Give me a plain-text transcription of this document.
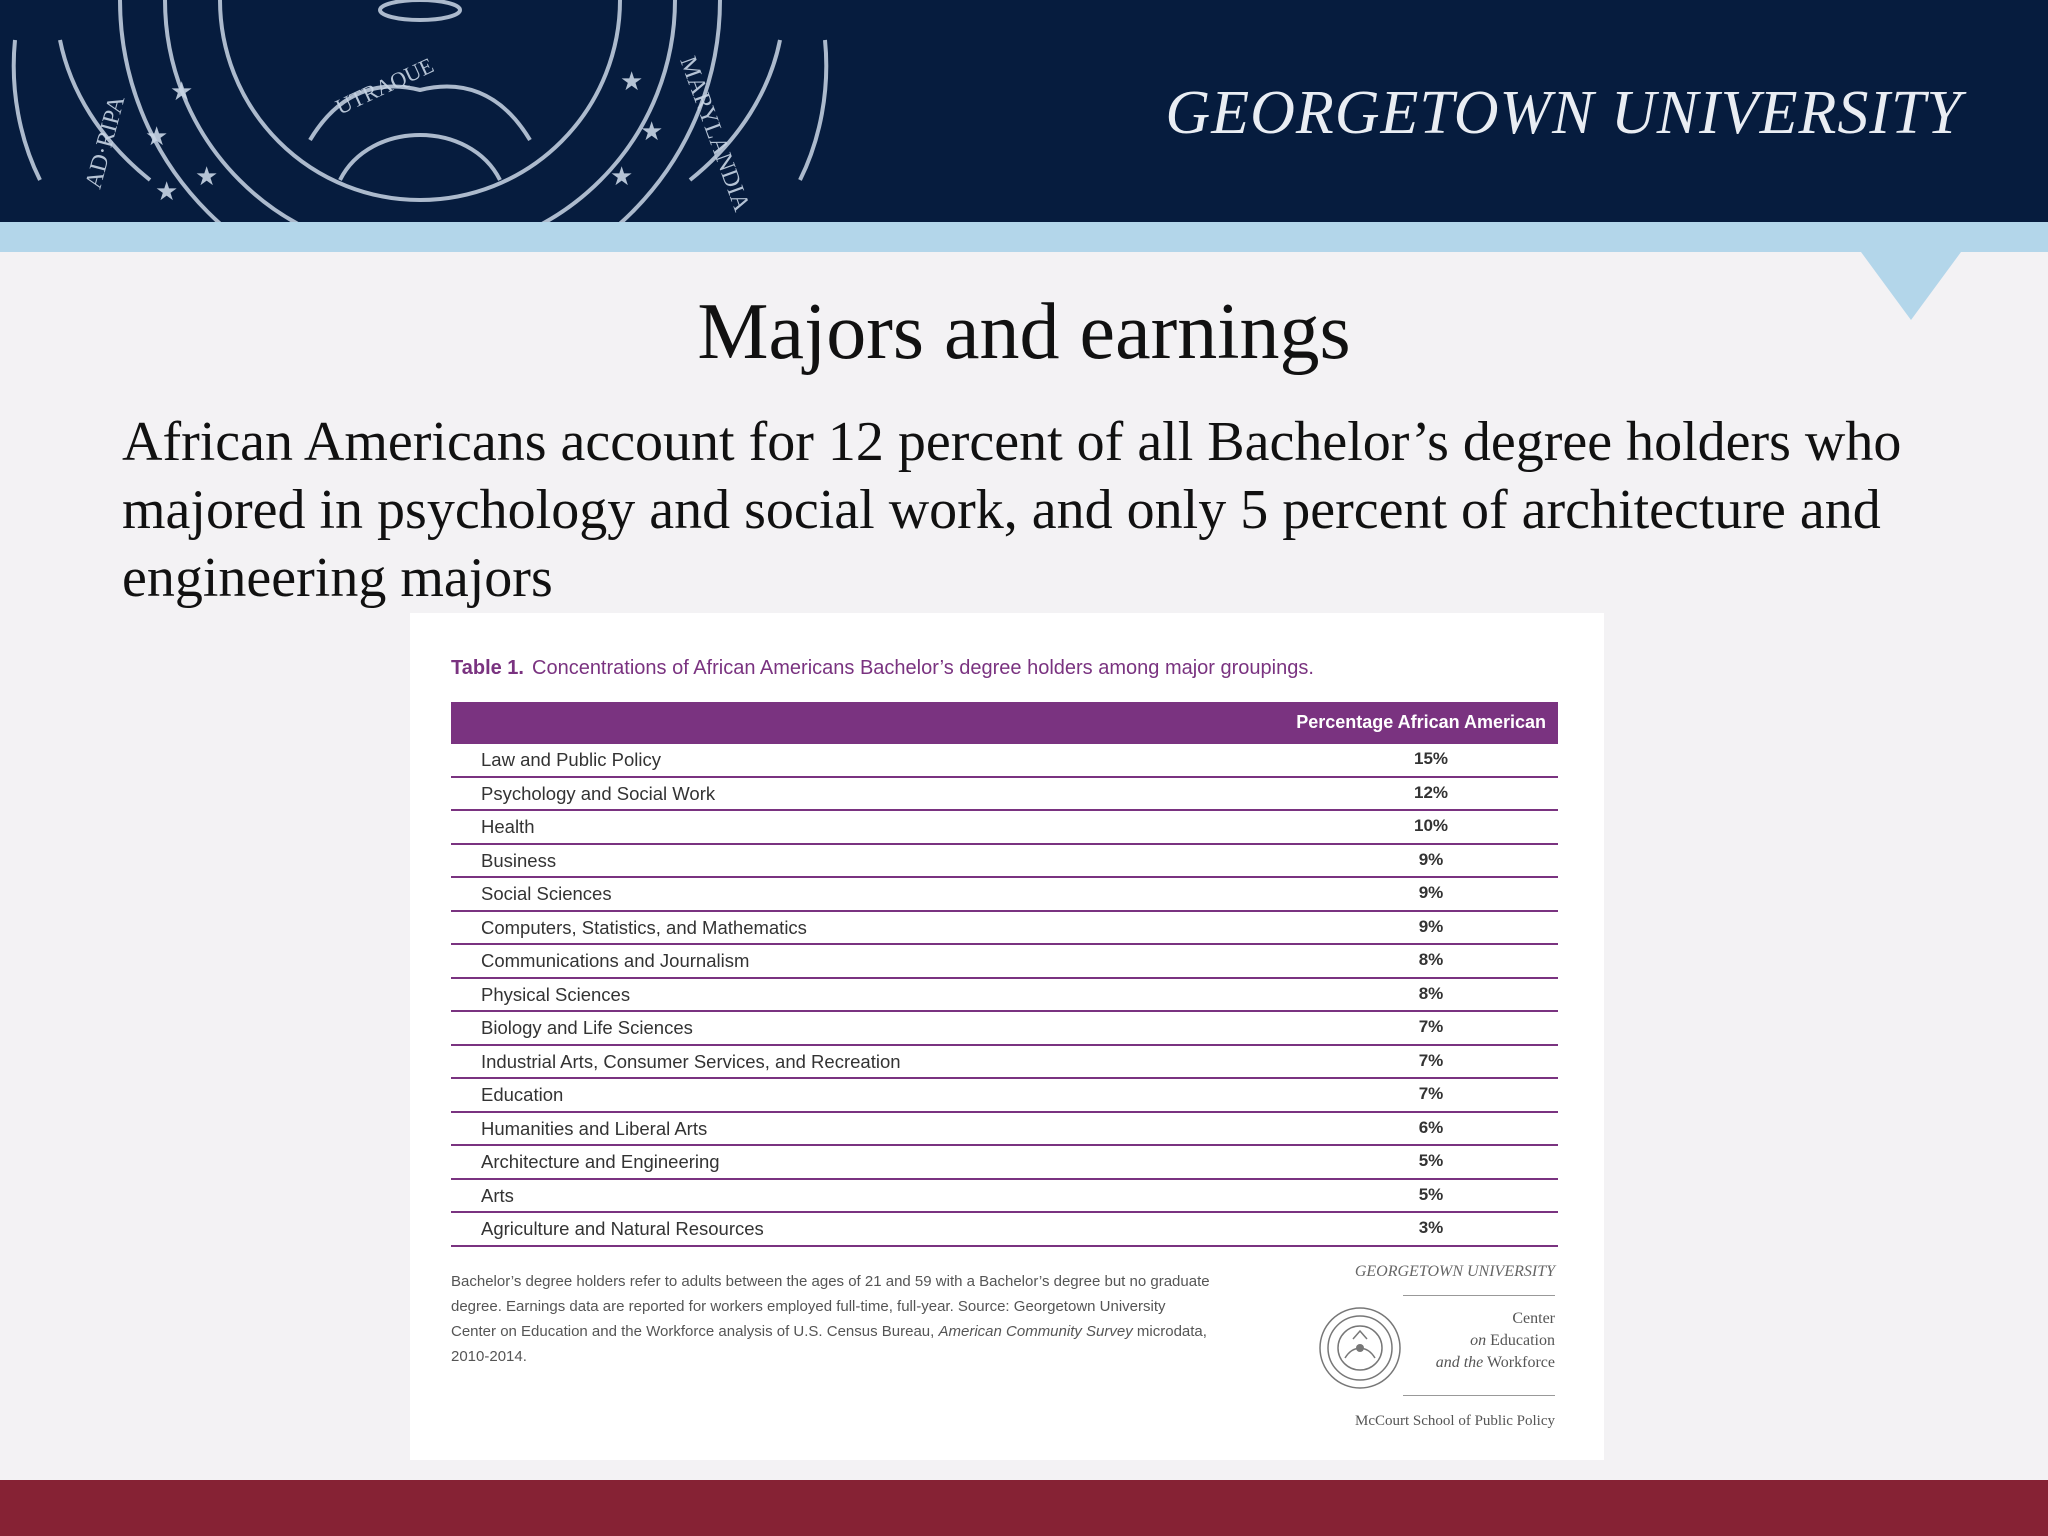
★
★
★
★
★
★
★
AD·RIPA
UTRAQUE	MARYLANDIA	GEORGETOWN UNIVERSITY
Majors and earnings
African Americans account for 12 percent of all Bachelor’s degree holders who majored in psychology and social work, and only 5 percent of architecture and engineering majors
Table 1. Concentrations of African Americans Bachelor’s degree holders among major groupings.
Percentage African American
Law and Public Policy	15%
Psychology and Social Work	12%
Health	10%
Business	9%
Social Sciences	9%
Computers, Statistics, and Mathematics	9%
Communications and Journalism	8%
Physical Sciences	8%
Biology and Life Sciences	7%
Industrial Arts, Consumer Services, and Recreation	7%
Education	7%
Humanities and Liberal Arts	6%
Architecture and Engineering	5%
Arts	5%
Agriculture and Natural Resources	3%
Bachelor’s degree holders refer to adults between the ages of 21 and 59 with a Bachelor’s degree but no graduate degree. Earnings data are reported for workers employed full-time, full-year. Source: Georgetown University Center on Education and the Workforce analysis of U.S. Census Bureau, American Community Survey microdata, 2010-2014.
GEORGETOWN UNIVERSITY
Center
on Education
and the Workforce
McCourt School of Public Policy
